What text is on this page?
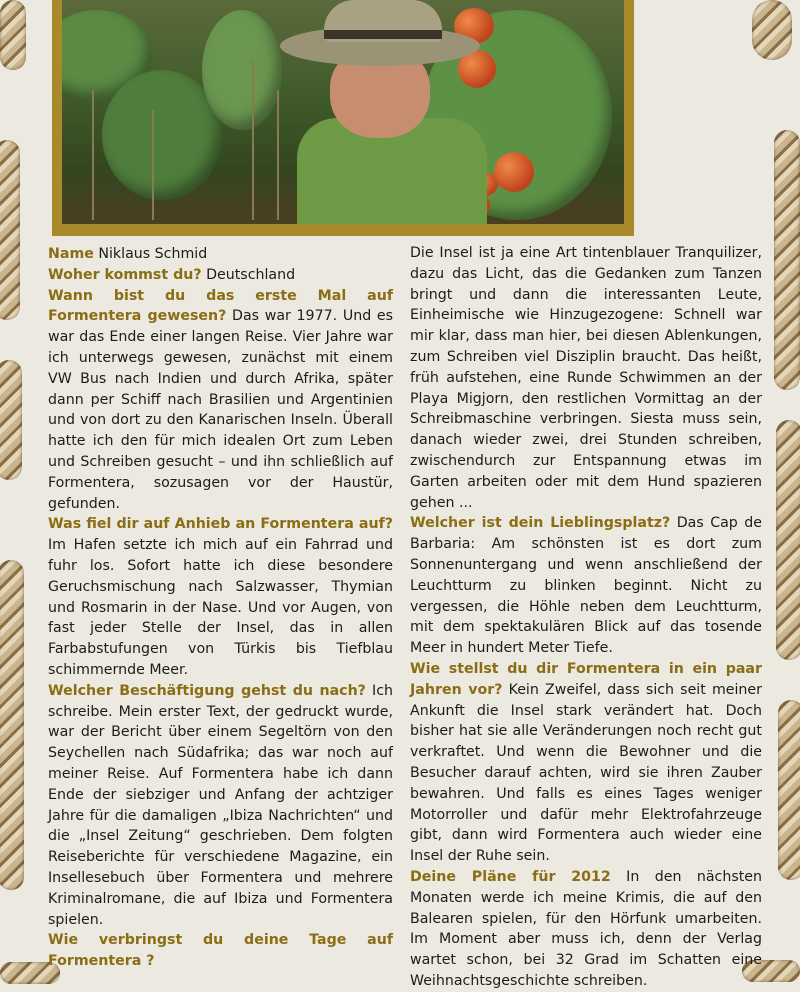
Name Niklaus Schmid

Woher kommst du? Deutschland

Wann bist du das erste Mal auf Formentera gewesen? Das war 1977. Und es war das Ende einer langen Reise. Vier Jahre war ich unterwegs gewesen, zunächst mit einem VW Bus nach Indien und durch Afrika, später dann per Schiff nach Brasilien und Argentinien und von dort zu den Kanarischen Inseln. Überall hatte ich den für mich idealen Ort zum Leben und Schreiben gesucht – und ihn schließlich auf Formentera, sozusagen vor der Haustür, gefunden.

Was fiel dir auf Anhieb an Formentera auf? Im Hafen setzte ich mich auf ein Fahrrad und fuhr los. Sofort hatte ich diese besondere Geruchsmischung nach Salzwasser, Thymian und Rosmarin in der Nase. Und vor Augen, von fast jeder Stelle der Insel, das in allen Farbabstufungen von Türkis bis Tiefblau schimmernde Meer.

Welcher Beschäftigung gehst du nach? Ich schreibe. Mein erster Text, der gedruckt wurde, war der Bericht über einem Segeltörn von den Seychellen nach Südafrika; das war noch auf meiner Reise. Auf Formentera habe ich dann Ende der siebziger und Anfang der achtziger Jahre für die damaligen „Ibiza Nachrichten“ und die „Insel Zeitung“ geschrieben. Dem folgten Reiseberichte für verschiedene Magazine, ein Insellesebuch über Formentera und mehrere Kriminalromane, die auf Ibiza und Formentera spielen.

Wie verbringst du deine Tage auf Formentera ?

Die Insel ist ja eine Art tintenblauer Tranquilizer, dazu das Licht, das die Gedanken zum Tanzen bringt und dann die interessanten Leute, Einheimische wie Hinzugezogene: Schnell war mir klar, dass man hier, bei diesen Ablenkungen, zum Schreiben viel Disziplin braucht. Das heißt, früh aufstehen, eine Runde Schwimmen an der Playa Migjorn, den restlichen Vormittag an der Schreibmaschine verbringen. Siesta muss sein, danach wieder zwei, drei Stunden schreiben, zwischendurch zur Entspannung etwas im Garten arbeiten oder mit dem Hund spazieren gehen ...

Welcher ist dein Lieblingsplatz? Das Cap de Barbaria: Am schönsten ist es dort zum Sonnenuntergang und wenn anschließend der Leuchtturm zu blinken beginnt. Nicht zu vergessen, die Höhle neben dem Leuchtturm, mit dem spektakulären Blick auf das tosende Meer in hundert Meter Tiefe.

Wie stellst du dir Formentera in ein paar Jahren vor? Kein Zweifel, dass sich seit meiner Ankunft die Insel stark verändert hat. Doch bisher hat sie alle Veränderungen noch recht gut verkraftet. Und wenn die Bewohner und die Besucher darauf achten, wird sie ihren Zauber bewahren. Und falls es eines Tages weniger Motorroller und dafür mehr Elektrofahrzeuge gibt, dann wird Formentera auch wieder eine Insel der Ruhe sein.

Deine Pläne für 2012 In den nächsten Monaten werde ich meine Krimis, die auf den Balearen spielen, für den Hörfunk umarbeiten. Im Moment aber muss ich, denn der Verlag wartet schon, bei 32 Grad im Schatten eine Weihnachtsgeschichte schreiben.
